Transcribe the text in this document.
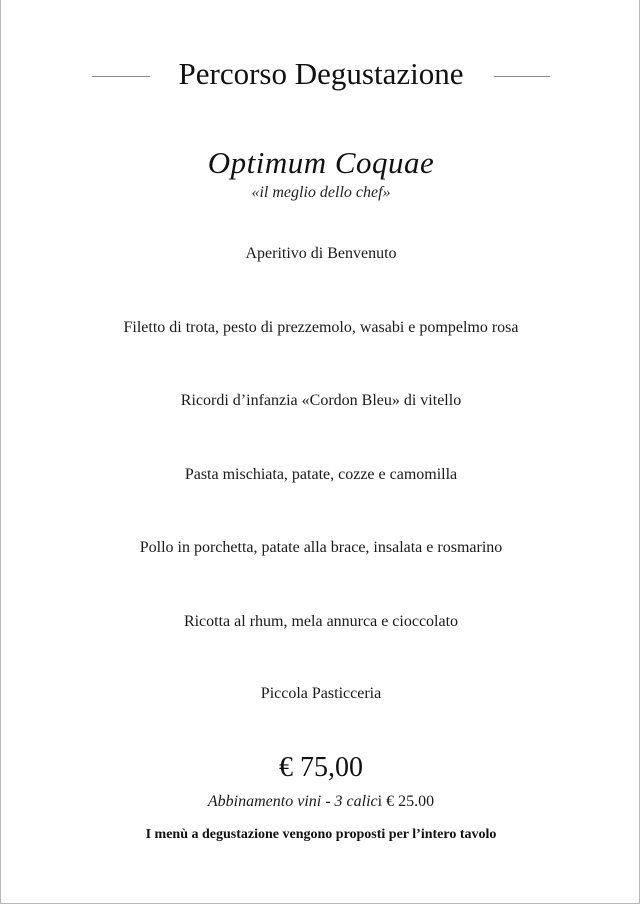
Percorso Degustazione
Optimum Coquae
«il meglio dello chef»
Aperitivo di Benvenuto
Filetto di trota, pesto di prezzemolo, wasabi e pompelmo rosa
Ricordi d’infanzia «Cordon Bleu» di vitello
Pasta mischiata, patate, cozze e camomilla
Pollo in porchetta, patate alla brace, insalata e rosmarino
Ricotta al rhum, mela annurca e cioccolato
Piccola Pasticceria
€ 75,00
Abbinamento vini - 3 calici € 25.00
I menù a degustazione vengono proposti per l’intero tavolo
